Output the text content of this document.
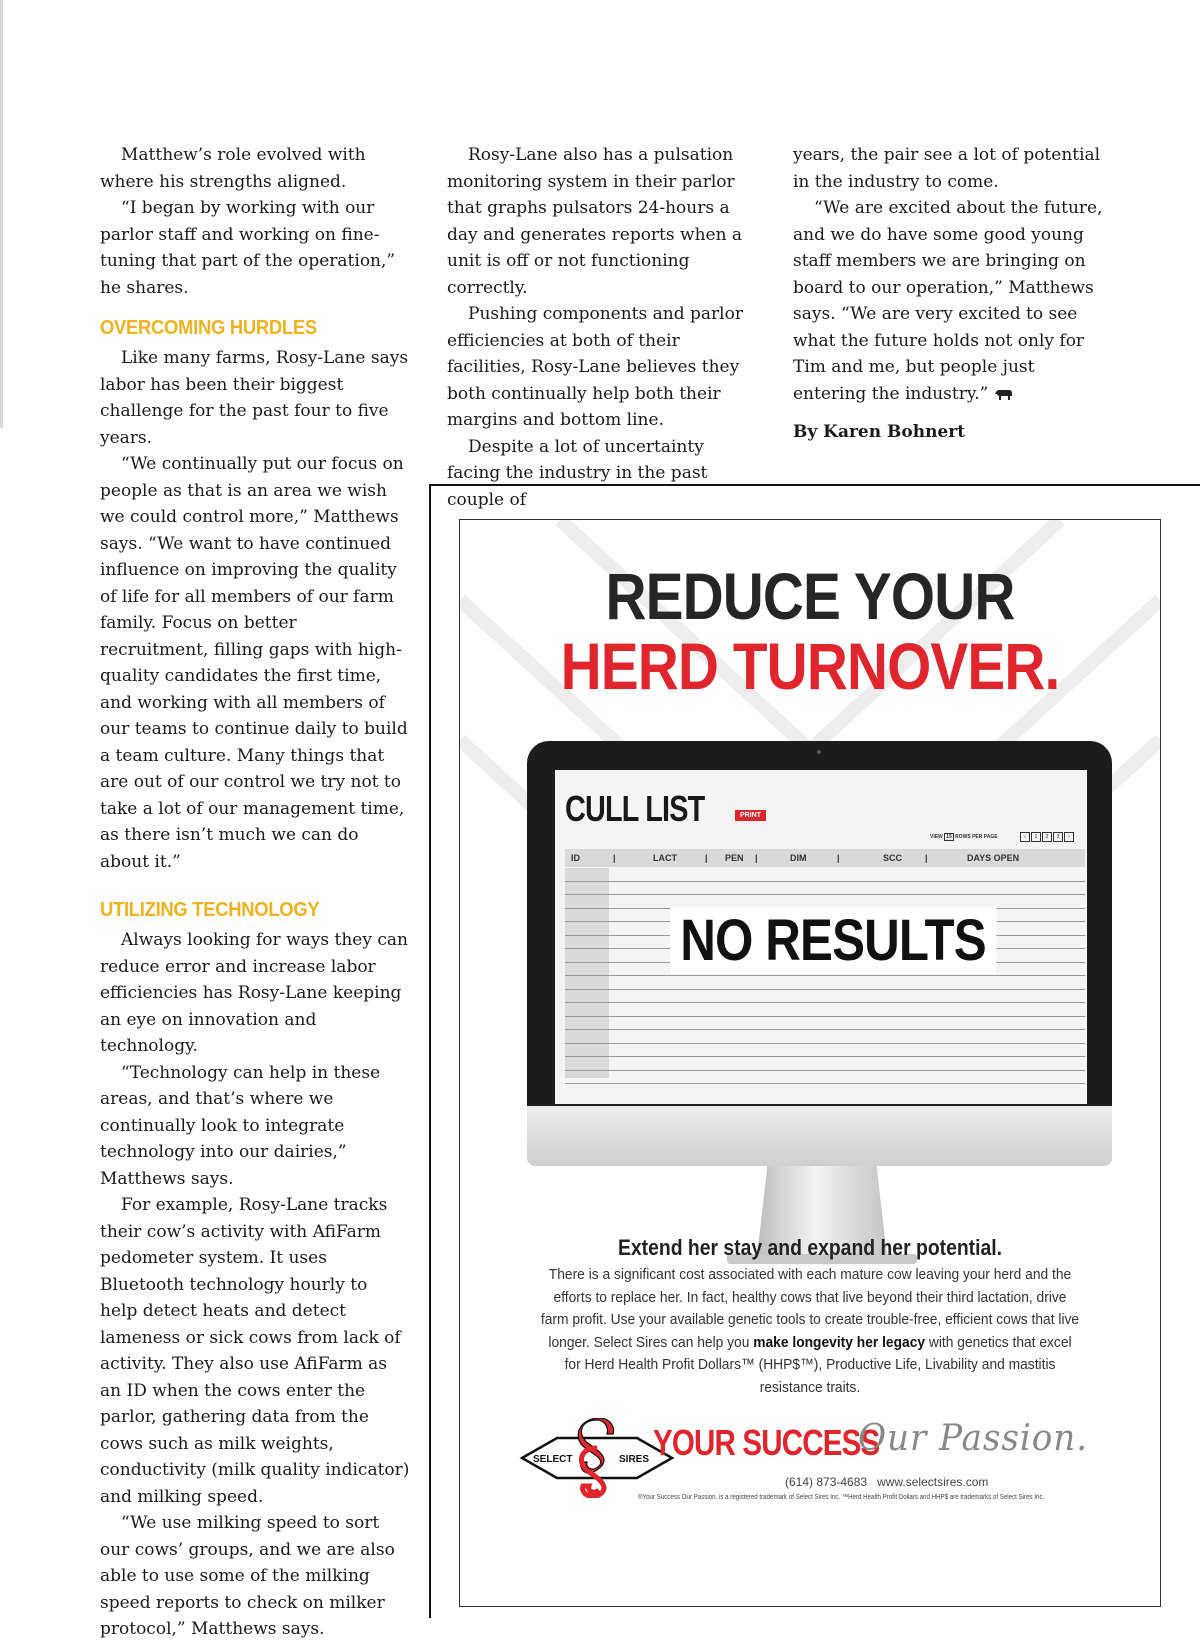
Matthew’s role evolved with where his strengths aligned.

“I began by working with our parlor staff and working on fine-tuning that part of the operation,” he shares.

OVERCOMING HURDLES

Like many farms, Rosy-Lane says labor has been their biggest challenge for the past four to five years.

“We continually put our focus on people as that is an area we wish we could control more,” Matthews says. “We want to have continued influence on improving the quality of life for all members of our farm family. Focus on better recruitment, filling gaps with high-quality candidates the first time, and working with all members of our teams to continue daily to build a team culture. Many things that are out of our control we try not to take a lot of our management time, as there isn’t much we can do about it.”

UTILIZING TECHNOLOGY

Always looking for ways they can reduce error and increase labor efficiencies has Rosy-Lane keeping an eye on innovation and technology.

“Technology can help in these areas, and that’s where we continually look to integrate technology into our dairies,” Matthews says.

For example, Rosy-Lane tracks their cow’s activity with AfiFarm pedometer system. It uses Bluetooth technology hourly to help detect heats and detect lameness or sick cows from lack of activity. They also use AfiFarm as an ID when the cows enter the parlor, gathering data from the cows such as milk weights, conductivity (milk quality indicator) and milking speed.

“We use milking speed to sort our cows’ groups, and we are also able to use some of the milking speed reports to check on milker protocol,” Matthews says.

Rosy-Lane also has a pulsation monitoring system in their parlor that graphs pulsators 24-hours a day and generates reports when a unit is off or not functioning correctly.

Pushing components and parlor efficiencies at both of their facilities, Rosy-Lane believes they both continually help both their margins and bottom line.

Despite a lot of uncertainty facing the industry in the past couple of

years, the pair see a lot of potential in the industry to come.

“We are excited about the future, and we do have some good young staff members we are bringing on board to our operation,” Matthews says. “We are very excited to see what the future holds not only for Tim and me, but people just entering the industry.”

By Karen Bohnert

REDUCE YOUR
HERD TURNOVER.
CULL LIST	PRINT
VIEW 15 ROWS PER PAGE	‹	1	2	3	›
ID	|	LACT	| PEN |	DIM	|	SCC	|	DAYS OPEN
NO RESULTS
Extend her stay and expand her potential.
There is a significant cost associated with each mature cow leaving your herd and the efforts to replace her. In fact, healthy cows that live beyond their third lactation, drive farm profit. Use your available genetic tools to create trouble-free, efficient cows that live longer. Select Sires can help you make longevity her legacy with genetics that excel for Herd Health Profit Dollars™ (HHP$™), Productive Life, Livability and mastitis resistance traits.
SELECT	SIRES YOUR SUCCESS
Our Passion.
(614) 873-4683 www.selectsires.com
®Your Success Our Passion. is a registered trademark of Select Sires Inc. ™Herd Health Profit Dollars and HHP$ are trademarks of Select Sires Inc.
